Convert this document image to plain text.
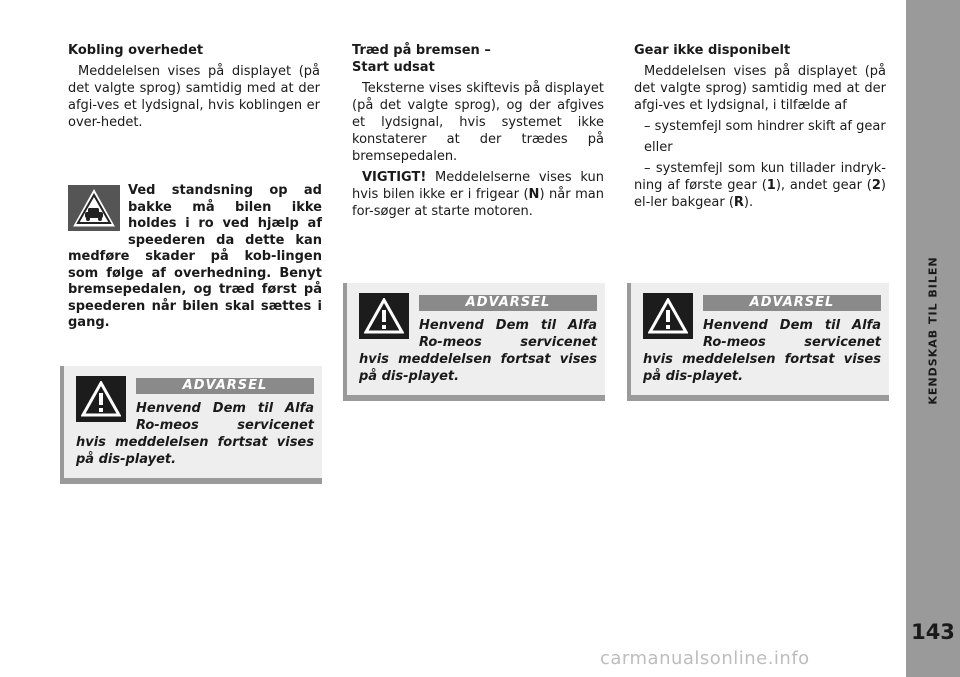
Kobling overhedet

Meddelelsen vises på displayet (på det valgte sprog) samtidig med at der afgi-ves et lydsignal, hvis koblingen er over-hedet.

Ved standsning op ad bakke må bilen ikke holdes i ro ved hjælp af speederen da dette kan medføre skader på kob-lingen som følge af overhedning. Benyt bremsepedalen, og træd først på speederen når bilen skal sættes i gang.

Træd på bremsen –

Start udsat

Teksterne vises skiftevis på displayet (på det valgte sprog), og der afgives et lydsignal, hvis systemet ikke konstaterer at der trædes på bremsepedalen.

VIGTIGT! Meddelelserne vises kun hvis bilen ikke er i frigear (N) når man for-søger at starte motoren.

Gear ikke disponibelt

Meddelelsen vises på displayet (på det valgte sprog) samtidig med at der afgi-ves et lydsignal, i tilfælde af

– systemfejl som hindrer skift af gear

eller

– systemfejl som kun tillader indryk-ning af første gear (1), andet gear (2) el-ler bakgear (R).

ADVARSEL
Henvend Dem til Alfa Ro-meos servicenet hvis meddelelsen fortsat vises på dis-playet.
ADVARSEL
Henvend Dem til Alfa Ro-meos servicenet hvis meddelelsen fortsat vises på dis-playet.
ADVARSEL
Henvend Dem til Alfa Ro-meos servicenet hvis meddelelsen fortsat vises på dis-playet.	KENDSKAB TIL BILEN
143
carmanualsonline.info
